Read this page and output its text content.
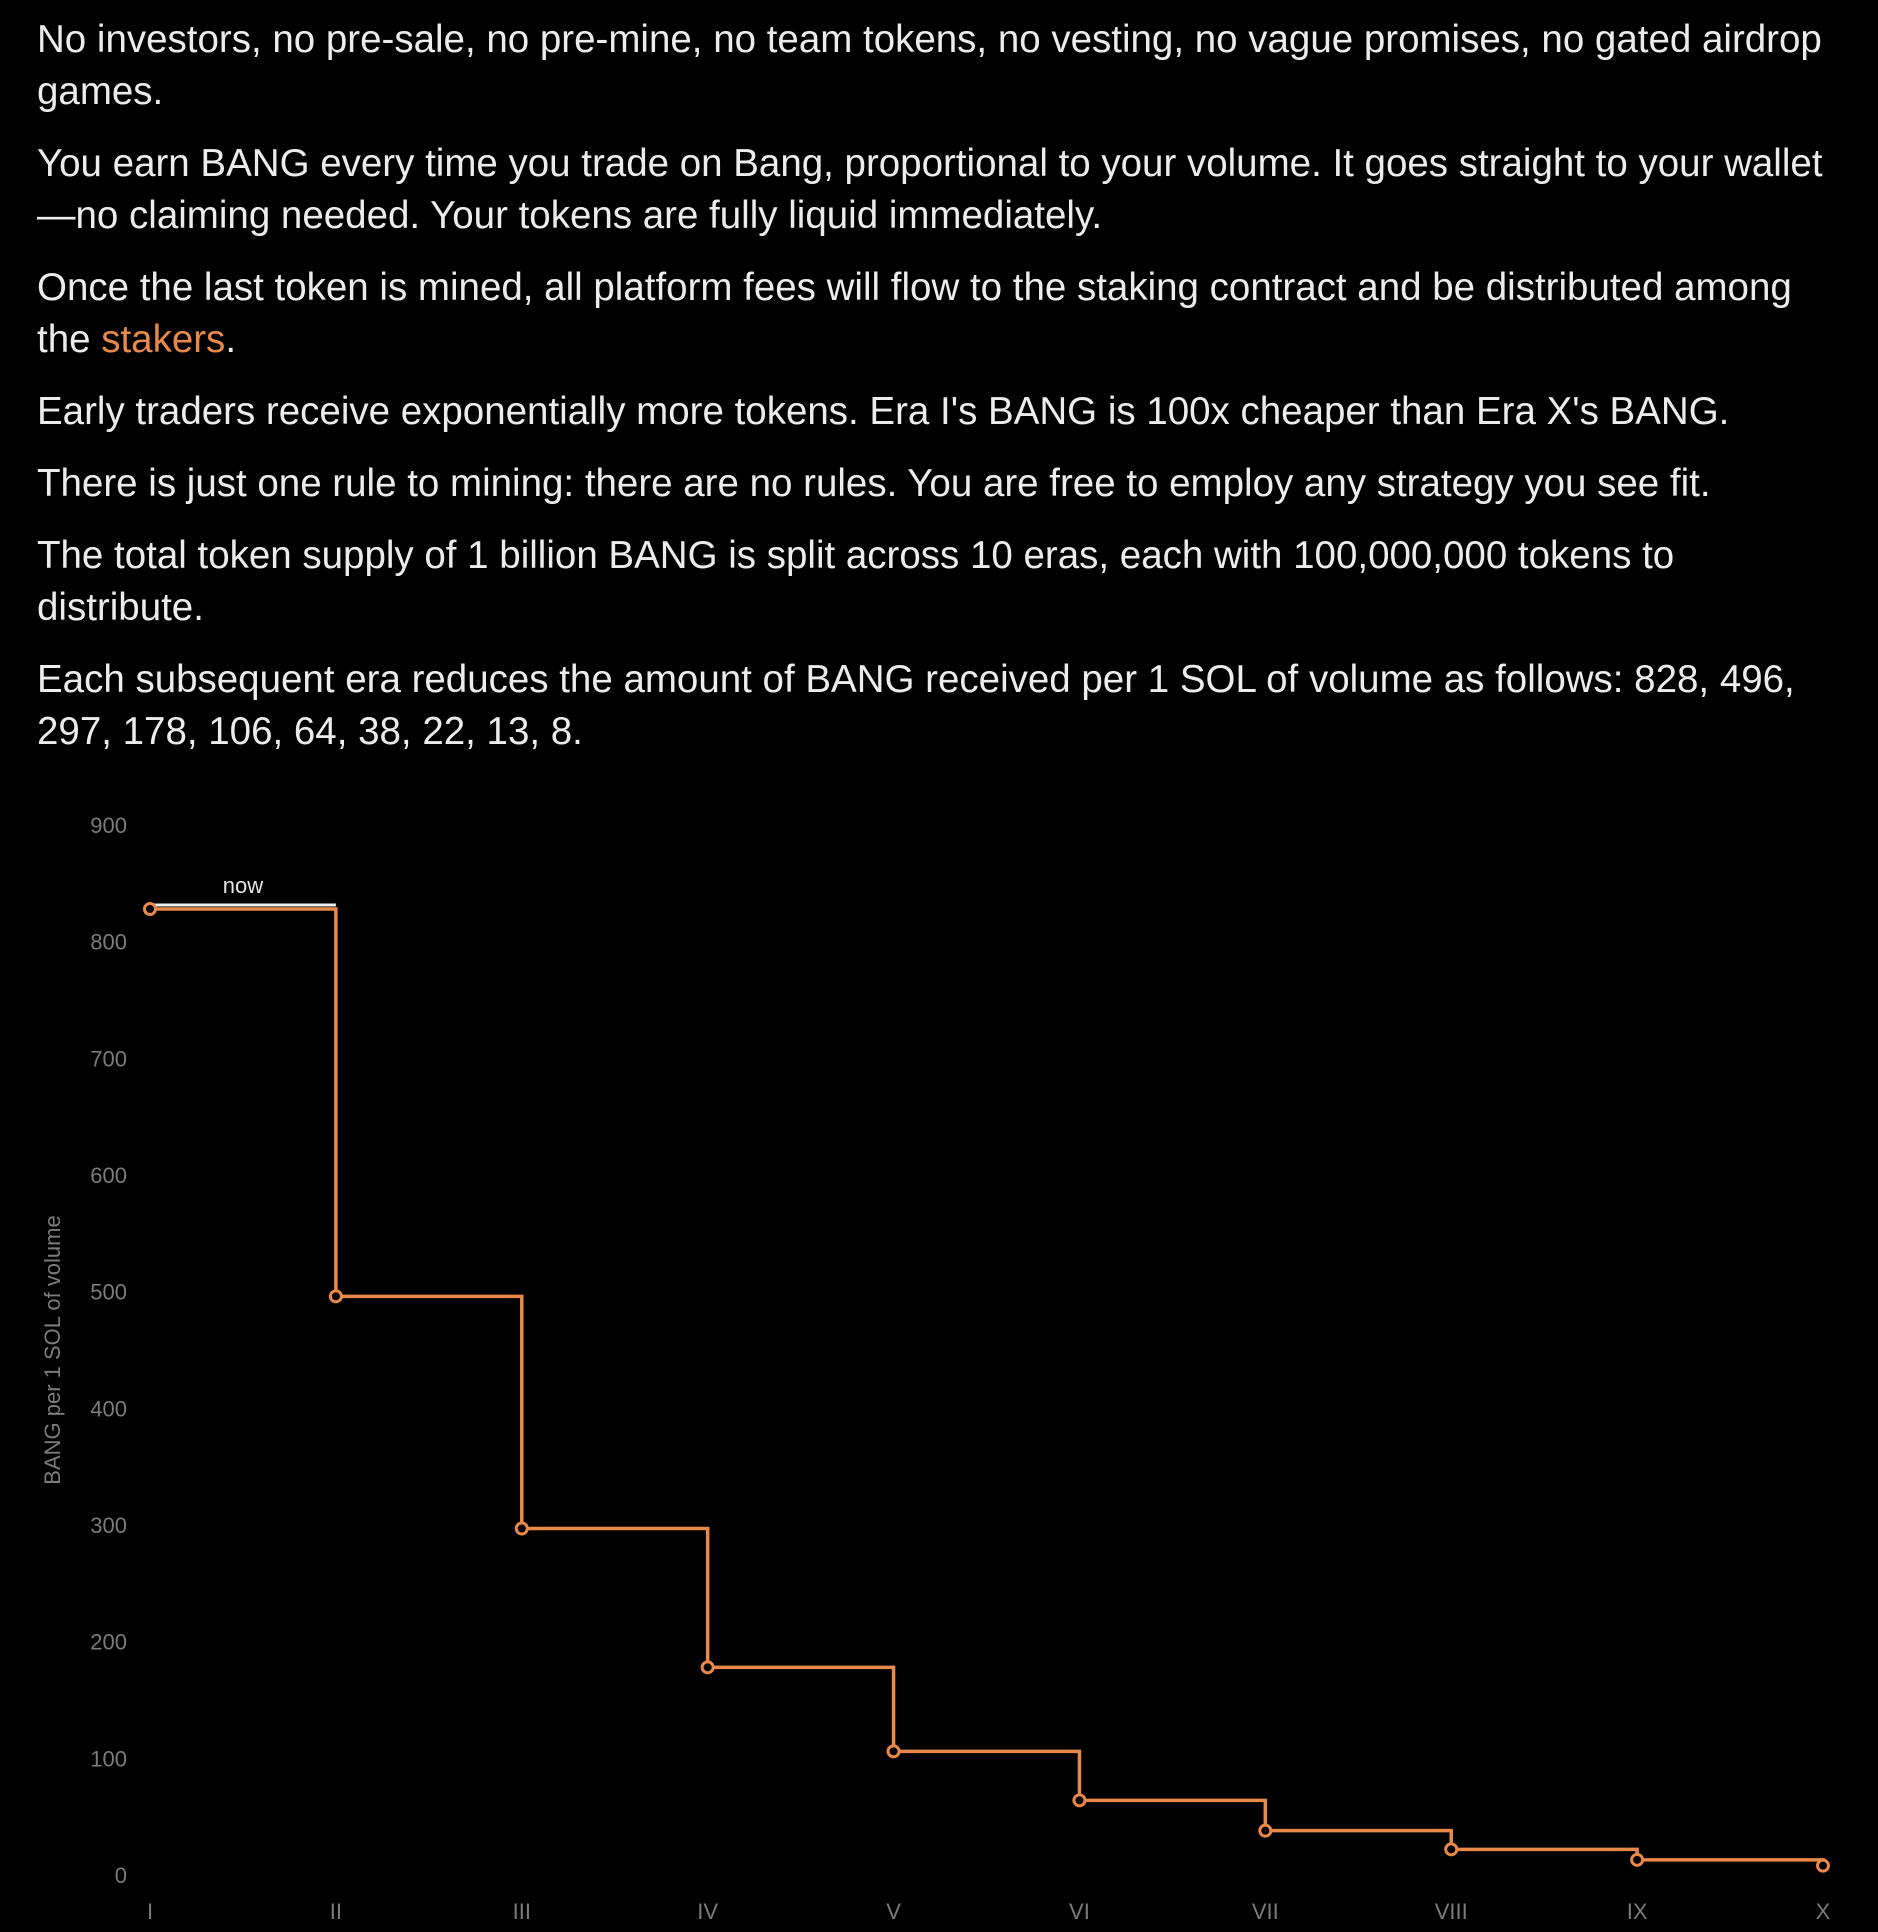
No investors, no pre-sale, no pre-mine, no team tokens, no vesting, no vague promises, no gated airdrop games.

You earn BANG every time you trade on Bang, proportional to your volume. It goes straight to your wallet—no claiming needed. Your tokens are fully liquid immediately.

Once the last token is mined, all platform fees will flow to the staking contract and be distributed among the stakers.

Early traders receive exponentially more tokens. Era I's BANG is 100x cheaper than Era X's BANG.

There is just one rule to mining: there are no rules. You are free to employ any strategy you see fit.

The total token supply of 1 billion BANG is split across 10 eras, each with 100,000,000 tokens to distribute.

Each subsequent era reduces the amount of BANG received per 1 SOL of volume as follows: 828, 496, 297, 178, 106, 64, 38, 22, 13, 8.

0
100
200
300
400
500
600
700
800
900
I	II	III	IV	V	VI	VII	VIII	IX	X
BANG per 1 SOL of volume
now
